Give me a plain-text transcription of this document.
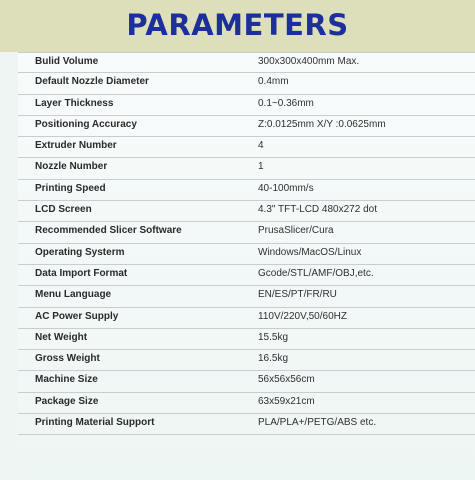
PARAMETERS
Bulid Volume	300x300x400mm Max.
Default Nozzle Diameter	0.4mm
Layer Thickness	0.1~0.36mm
Positioning Accuracy	Z:0.0125mm X/Y :0.0625mm
Extruder Number	4
Nozzle Number	1
Printing Speed	40-100mm/s
LCD Screen	4.3" TFT-LCD 480x272 dot
Recommended Slicer Software	PrusaSlicer/Cura
Operating Systerm	Windows/MacOS/Linux
Data Import Format	Gcode/STL/AMF/OBJ,etc.
Menu Language	EN/ES/PT/FR/RU
AC Power Supply	110V/220V,50/60HZ
Net Weight	15.5kg
Gross Weight	16.5kg
Machine Size	56x56x56cm
Package Size	63x59x21cm
Printing Material Support	PLA/PLA+/PETG/ABS etc.
